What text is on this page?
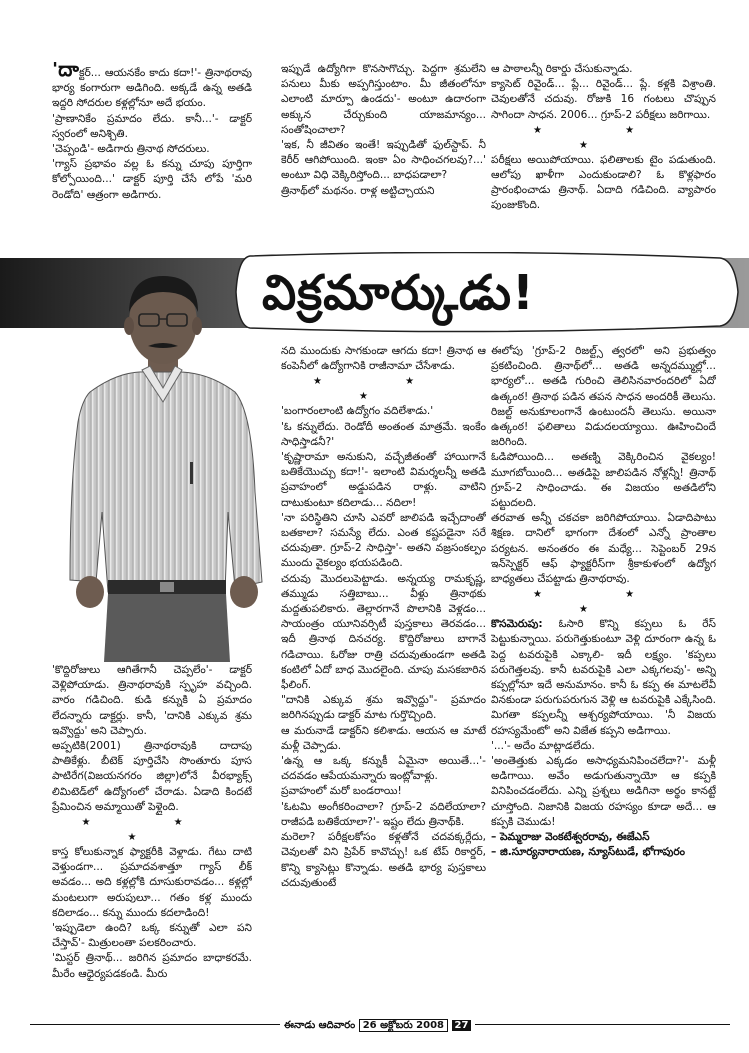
'దాక్టర్‌... ఆయనకేం కాదు కదా!'- త్రినాథరావు భార్య కంగారుగా అడిగింది. అక్కడే ఉన్న అతడి ఇద్దరి సోదరుల కళ్లల్లోనూ అదే భయం.

'ప్రాణానికేం ప్రమాదం లేదు. కానీ...'- డాక్టర్‌ స్వరంలో అనిశ్చితి.

'చెప్పండి'- అడిగారు త్రినాథ సోదరులు.

'గ్యాస్‌ ప్రభావం వల్ల ఓ కన్ను చూపు పూర్తిగా కోల్పోయింది...' డాక్టర్‌ పూర్తి చేసే లోపే 'మరి రెండోది' ఆత్రంగా అడిగారు.

ఇప్పుడే ఉద్యోగిగా కొనసాగొచ్చు. పెద్దగా శ్రమలేని పనులు మీకు అప్పగిస్తుంటాం. మీ జీతంలోనూ ఎలాంటి మార్పూ ఉండదు'- అంటూ ఉదారంగా అక్కున చేర్చుకుంది యాజమాన్యం... సంతోషించాలా?

'ఇక, నీ జీవితం ఇంతే! ఇప్పుడితో ఫుల్‌స్టాప్‌. నీ కెరీర్‌ ఆగిపోయింది. ఇంకా ఏం సాధించగలవు?...' అంటూ విధి వెక్కిరిస్తోంది... బాధపడాలా?

త్రినాథ్‌లో మథనం. రాళ్ల అట్టిచ్చాయని

ఆ పాఠాలన్నీ రికార్డు చేసుకున్నాడు.

క్యాసెట్‌ రివైండ్‌... ప్లే... రివైండ్‌... ప్లే. కళ్లకి విశ్రాంతి. చెవులతోనే చదువు. రోజుకి 16 గంటలు చొప్పున సాగిందా సాధన. 2006... గ్రూప్‌-2 పరీక్షలు జరిగాయి.

★ ★ ★

పరీక్షలు అయిపోయాయి. ఫలితాలకు టైం పడుతుంది. ఆలోపు ఖాళీగా ఎందుకుండాలి? ఓ కొళ్లఫారం ప్రారంభించాడు త్రినాథ్‌. ఏదాది గడిచింది. వ్యాపారం పుంజుకొంది.

విక్రమార్కుడు!

'కొద్దిరోజులు ఆగితేగానీ చెప్పలేం'- డాక్టర్‌ వెళ్లిపోయాడు. త్రినాథరావుకి స్పృహ వచ్చింది. వారం గడిచింది. కుడి కన్నుకి ఏ ప్రమాదం లేదన్నారు డాక్టర్లు. కానీ, 'దానికి ఎక్కువ శ్రమ ఇవ్వొద్దు' అని చెప్పారు.

అప్పటికి(2001) త్రినాథరావుకి దాదాపు పాతికేళ్లు. బీటెక్‌ పూర్తిచేసి సొంతూరు పూస పాటిరేగ(విజయనగరం జిల్లా)లోనే వీరభ్యాక్స్‌ లిమిటెడ్‌లో ఉద్యోగంలో చేరాడు. ఏడాది కిందటే ప్రేమించిన అమ్మాయితో పెళ్లైంది.

★ ★ ★

కాస్త కోలుకున్నాక ఫ్యాక్టరీకి వెళ్లాడు. గేటు దాటి వెళ్తుండగా... ప్రమాదవశాత్తూ గ్యాస్‌ లీక్‌ అవడం... అది కళ్లల్లోకి దూసుకురావడం... కళ్లల్లో మంటలుగా అరుపులూ... గతం కళ్ల ముందు కదిలాడం... కన్ను ముందు కదలాడింది!

'ఇప్పుడెలా ఉంది? ఒక్క కన్నుతో ఎలా పని చేస్తావ్‌'- మిత్రులంతా పలకరించారు.

'మిస్టర్‌ త్రినాథ్‌... జరిగిన ప్రమాదం బాధాకరమే. మీరేం ఆధైర్యపడకండి. మీరు

నది ముందుకు సాగకుండా ఆగదు కదా! త్రినాథ ఆ కంపెనీలో ఉద్యోగానికి రాజీనామా చేసేశాడు.

★ ★ ★

'బంగారంలాంటి ఉద్యోగం వదిలేశాడు.'

'ఓ కన్నులేదు. రెండోదీ అంతంత మాత్రమే. ఇంకేం సాధిస్తాడనీ?'

'కృష్ణారామా అనుకుని, వచ్చేజీతంతో హాయిగానే బతికేయొచ్చు కదా!'- ఇలాంటి విమర్శలన్నీ అతడి ప్రవాహంలో అడ్డుపడిన రాళ్లు. వాటిని దాటుకుంటూ కదిలాడు... నదిలా!

'నా పరిస్థితిని చూసి ఎవరో జాలిపడి ఇచ్చేదాంతో బతకాలా? సమస్యే లేదు. ఎంత కష్టపడైనా సరే చదువుతా. గ్రూప్‌-2 సాధిస్తా'- అతని వజ్రసంకల్పం ముందు వైకల్యం భయపడింది.

చదువు మొదలుపెట్టాడు. అన్నయ్య రామకృష్ణ, తమ్ముడు సత్తిబాబు... వీళ్లు త్రినాథకు మద్దతుపలికారు. తెల్లారగానే పొలానికి వెళ్లడం... సాయంత్రం యూనివర్సిటీ పుస్తకాలు తెరవడం... ఇదీ త్రినాథ దినచర్య. కొద్దిరోజులు బాగానే గడిచాయి. ఓరోజు రాత్రి చదువుతుండగా అతడి కంటిలో ఏదో బాధ మొదలైంది. చూపు మసకబారిన ఫీలింగ్‌.

"దానికి ఎక్కువ శ్రమ ఇవ్వొద్దు"- ప్రమాదం జరిగినప్పుడు డాక్టర్‌ మాట గుర్తొచ్చింది.

ఆ మరునాడే డాక్టర్‌ని కలిశాడు. ఆయన ఆ మాటే మళ్లీ చెప్పాడు.

'ఉన్న ఆ ఒక్క కన్నుకీ ఏమైనా అయితే...'- చదవడం ఆపేయమన్నారు ఇంట్లోవాళ్లు.

ప్రవాహంలో మరో బండరాయి!

'ఓటమి అంగీకరించాలా? గ్రూప్‌-2 వదిలేయాలా? రాజీపడి బతికేయాలా?'- ఇష్టం లేదు త్రినాథ్‌కి.

మరెలా? పరీక్షలకోసం కళ్లతోనే చదవక్కర్లేదు, చెవులతో విని ప్రిపేర్‌ కావొచ్చు! ఒక టేప్‌ రికార్డర్‌, కొన్ని క్యాసెట్లు కొన్నాడు. అతడి భార్య పుస్తకాలు చదువుతుంటే

ఈలోపు 'గ్రూప్‌-2 రిజల్ట్స్‌ త్వరలో' అని ప్రభుత్వం ప్రకటించింది. త్రినాథ్‌లో... అతడి అన్నదమ్ముల్లో... భార్యలో... అతడి గురించి తెలిసినవారందరిలో ఏదో ఉత్కంఠ! త్రినాథ పడిన తపన సాధన అందరికీ తెలుసు. రిజల్ట్‌ అనుకూలంగానే ఉంటుందనీ తెలుసు. అయినా ఉత్కంఠ! ఫలితాలు విడుదలయ్యాయి. ఊహించిందే జరిగింది.

ఓడిపోయింది... అతణ్ని వెక్కిరించిన వైకల్యం! మూగబోయింది... అతడిపై జాలిపడిన నోళ్లన్నీ! త్రినాథ్‌ గ్రూప్‌-2 సాధించాడు. ఈ విజయం అతడిలోని పట్టుదలది.

తరవాత అన్నీ చకచకా జరిగిపోయాయి. ఏడాదిపాటు శిక్షణ. దానిలో భాగంగా దేశంలో ఎన్నో ప్రాంతాల పర్యటన. అనంతరం ఈ మధ్యే... సెప్టెంబర్‌ 29న ఇన్‌స్పెక్టర్‌ ఆఫ్‌ ఫ్యాక్టరీస్‌గా శ్రీకాకుళంలో ఉద్యోగ బాధ్యతలు చేపట్టాడు త్రినాథరావు.

★ ★ ★

కొసమెరుపు: ఓసారి కొన్ని కప్పలు ఓ రేస్‌ పెట్టుకున్నాయి. పరుగెత్తుకుంటూ వెళ్లి దూరంగా ఉన్న ఓ పెద్ద టవరుపైకి ఎక్కాలి- ఇదీ లక్ష్యం. 'కప్పలు పరుగెత్తలవు. కానీ టవరుపైకి ఎలా ఎక్కగలవు'- అన్ని కప్పల్లోనూ ఇదే అనుమానం. కానీ ఓ కప్ప ఈ మాటలేవీ వినకుండా పరుగుపరుగున వెళ్లి ఆ టవరుపైకి ఎక్కేసింది. మిగతా కప్పలన్నీ ఆశ్చర్యపోయాయి. 'నీ విజయ రహస్యమేంటో' అని విజేత కప్పని అడిగాయి.

'...'- అదేం మాట్లాడలేదు.

'అంతెత్తుకు ఎక్కడం అసాధ్యమనిపించలేదా?'- మళ్లీ అడిగాయి. అవేం అడుగుతున్నాయో ఆ కప్పకి వినిపించడంలేదు. ఎన్ని ప్రశ్నలు అడిగినా అర్థం కానట్టే చూస్తోంది. నిజానికి విజయ రహస్యం కూడా అదే... ఆ కప్పకి చెముడు!

– పెమ్మరాజు వెంకటేశ్వరరావు, ఈజేఎస్‌

– జి.సూర్యనారాయణ, న్యూస్‌టుడే, భోగాపురం

ఈనాడు ఆదివారం 26 అక్టోబరు 2008 27
